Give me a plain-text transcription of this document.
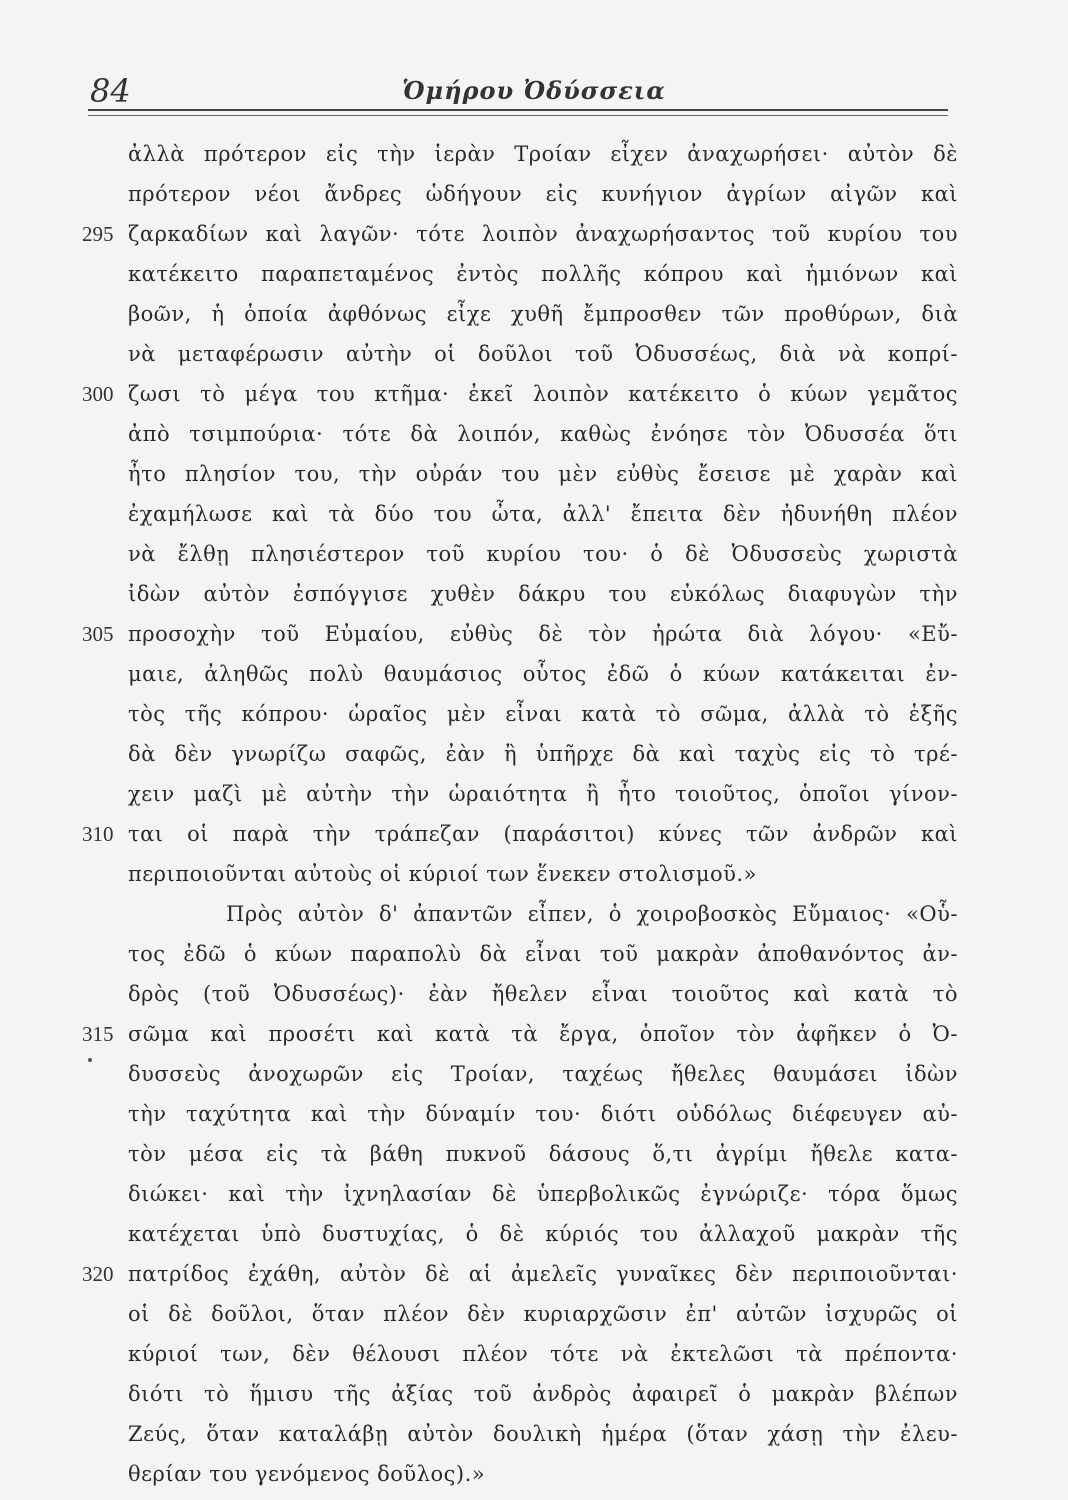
84	Ὁμήρου Ὀδύσσεια
ἀλλὰ πρότερον εἰς τὴν ἱερὰν Τροίαν εἶχεν ἀναχωρήσει· αὐτὸν δὲ
πρότερον νέοι ἄνδρες ὡδήγουν εἰς κυνήγιον ἀγρίων αἰγῶν καὶ
ζαρκαδίων καὶ λαγῶν· τότε λοιπὸν ἀναχωρήσαντος τοῦ κυρίου του
κατέκειτο παραπεταμένος ἐντὸς πολλῆς κόπρου καὶ ἡμιόνων καὶ
βοῶν, ἡ ὁποία ἀφθόνως εἶχε χυθῆ ἔμπροσθεν τῶν προθύρων, διὰ
νὰ μεταφέρωσιν αὐτὴν οἱ δοῦλοι τοῦ Ὀδυσσέως, διὰ νὰ κοπρί-
ζωσι τὸ μέγα του κτῆμα· ἐκεῖ λοιπὸν κατέκειτο ὁ κύων γεμᾶτος
ἀπὸ τσιμπούρια· τότε δὰ λοιπόν, καθὼς ἐνόησε τὸν Ὀδυσσέα ὅτι
ἦτο πλησίον του, τὴν οὐράν του μὲν εὐθὺς ἔσεισε μὲ χαρὰν καὶ
ἐχαμήλωσε καὶ τὰ δύο του ὦτα, ἀλλ' ἔπειτα δὲν ἠδυνήθη πλέον
νὰ ἔλθῃ πλησιέστερον τοῦ κυρίου του· ὁ δὲ Ὀδυσσεὺς χωριστὰ
ἰδὼν αὐτὸν ἐσπόγγισε χυθὲν δάκρυ του εὐκόλως διαφυγὼν τὴν
προσοχὴν τοῦ Εὐμαίου, εὐθὺς δὲ τὸν ἠρώτα διὰ λόγου· «Εὔ-
μαιε, ἀληθῶς πολὺ θαυμάσιος οὗτος ἐδῶ ὁ κύων κατάκειται ἐν-
τὸς τῆς κόπρου· ὡραῖος μὲν εἶναι κατὰ τὸ σῶμα, ἀλλὰ τὸ ἑξῆς
δὰ δὲν γνωρίζω σαφῶς, ἐὰν ἢ ὑπῆρχε δὰ καὶ ταχὺς εἰς τὸ τρέ-
χειν μαζὶ μὲ αὐτὴν τὴν ὡραιότητα ἢ ἦτο τοιοῦτος, ὁποῖοι γίνον-
ται οἱ παρὰ τὴν τράπεζαν (παράσιτοι) κύνες τῶν ἀνδρῶν καὶ
περιποιοῦνται αὐτοὺς οἱ κύριοί των ἕνεκεν στολισμοῦ.»
Πρὸς αὐτὸν δ' ἀπαντῶν εἶπεν, ὁ χοιροβοσκὸς Εὔμαιος· «Οὗ-
τος ἐδῶ ὁ κύων παραπολὺ δὰ εἶναι τοῦ μακρὰν ἀποθανόντος ἀν-
δρὸς (τοῦ Ὀδυσσέως)· ἐὰν ἤθελεν εἶναι τοιοῦτος καὶ κατὰ τὸ
σῶμα καὶ προσέτι καὶ κατὰ τὰ ἔργα, ὁποῖον τὸν ἀφῆκεν ὁ Ὀ-
δυσσεὺς ἀνοχωρῶν εἰς Τροίαν, ταχέως ἤθελες θαυμάσει ἰδὼν
τὴν ταχύτητα καὶ τὴν δύναμίν του· διότι οὐδόλως διέφευγεν αὐ-
τὸν μέσα εἰς τὰ βάθη πυκνοῦ δάσους ὅ,τι ἀγρίμι ἤθελε κατα-
διώκει· καὶ τὴν ἰχνηλασίαν δὲ ὑπερβολικῶς ἐγνώριζε· τόρα ὅμως
κατέχεται ὑπὸ δυστυχίας, ὁ δὲ κύριός του ἀλλαχοῦ μακρὰν τῆς
πατρίδος ἐχάθη, αὐτὸν δὲ αἱ ἀμελεῖς γυναῖκες δὲν περιποιοῦνται·
οἱ δὲ δοῦλοι, ὅταν πλέον δὲν κυριαρχῶσιν ἐπ' αὐτῶν ἰσχυρῶς οἱ
κύριοί των, δὲν θέλουσι πλέον τότε νὰ ἐκτελῶσι τὰ πρέποντα·
διότι τὸ ἥμισυ τῆς ἀξίας τοῦ ἀνδρὸς ἀφαιρεῖ ὁ μακρὰν βλέπων
Ζεύς, ὅταν καταλάβῃ αὐτὸν δουλικὴ ἡμέρα (ὅταν χάσῃ τὴν ἐλευ-
θερίαν του γενόμενος δοῦλος).»
295
300
305
310
315
320
